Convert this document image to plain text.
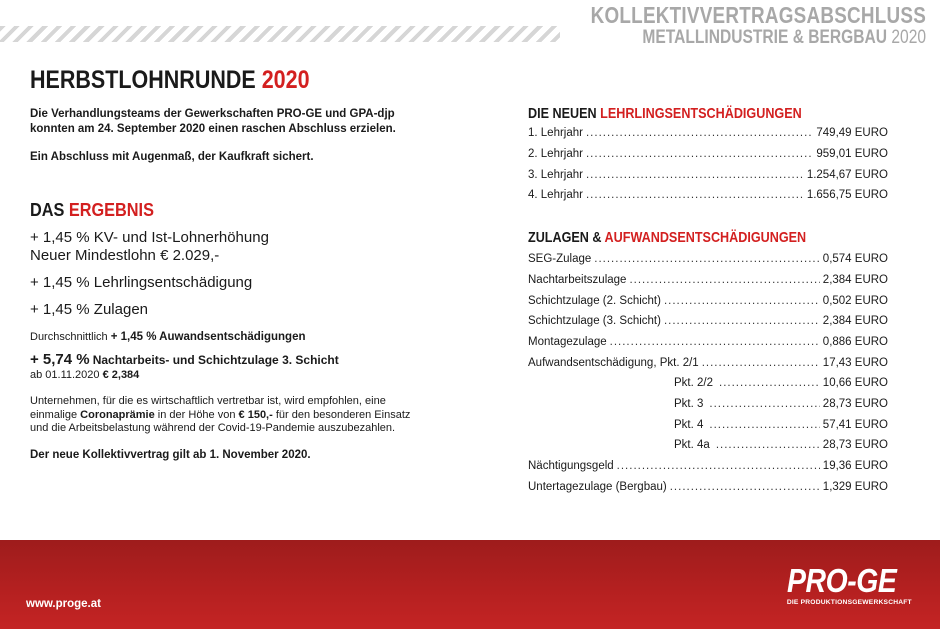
KOLLEKTIVVERTRAGSABSCHLUSS
METALLINDUSTRIE & BERGBAU 2020
HERBSTLOHNRUNDE 2020

Die Verhandlungsteams der Gewerkschaften PRO-GE und GPA-djp konnten am 24. September 2020 einen raschen Abschluss erzielen.

Ein Abschluss mit Augenmaß, der Kaufkraft sichert.

DAS ERGEBNIS
+ 1,45 % KV- und Ist-Lohnerhöhung
Neuer Mindestlohn € 2.029,-
+ 1,45 % Lehrlingsentschädigung
+ 1,45 % Zulagen
Durchschnittlich + 1,45 % Auwandsentschädigungen
+ 5,74 % Nachtarbeits- und Schichtzulage 3. Schicht
ab 01.11.2020 € 2,384

Unternehmen, für die es wirtschaftlich vertretbar ist, wird empfohlen, eine einmalige Coronaprämie in der Höhe von € 150,- für den besonderen Einsatz und die Arbeitsbelastung während der Covid-19-Pandemie auszubezahlen.

Der neue Kollektivvertrag gilt ab 1. November 2020.

DIE NEUEN LEHRLINGSENTSCHÄDIGUNGEN
1. Lehrjahr .....	749,49 EURO
2. Lehrjahr .....	959,01 EURO
3. Lehrjahr .....	1.254,67 EURO
4. Lehrjahr .....	1.656,75 EURO
ZULAGEN & AUFWANDSENTSCHÄDIGUNGEN
SEG-Zulage .....	0,574 EURO
Nachtarbeitszulage .....	2,384 EURO
Schichtzulage (2. Schicht) .....	0,502 EURO
Schichtzulage (3. Schicht) .....	2,384 EURO
Montagezulage .....	0,886 EURO
Aufwandsentschädigung, Pkt. 2/1 .....	17,43 EURO
Pkt. 2/2 .....	10,66 EURO
Pkt. 3 .....	28,73 EURO
Pkt. 4 .....	57,41 EURO
Pkt. 4a .....	28,73 EURO
Nächtigungsgeld .....	19,36 EURO
Untertagezulage (Bergbau) .....	1,329 EURO
www.proge.at
PRO-GE
DIE PRODUKTIONSGEWERKSCHAFT
